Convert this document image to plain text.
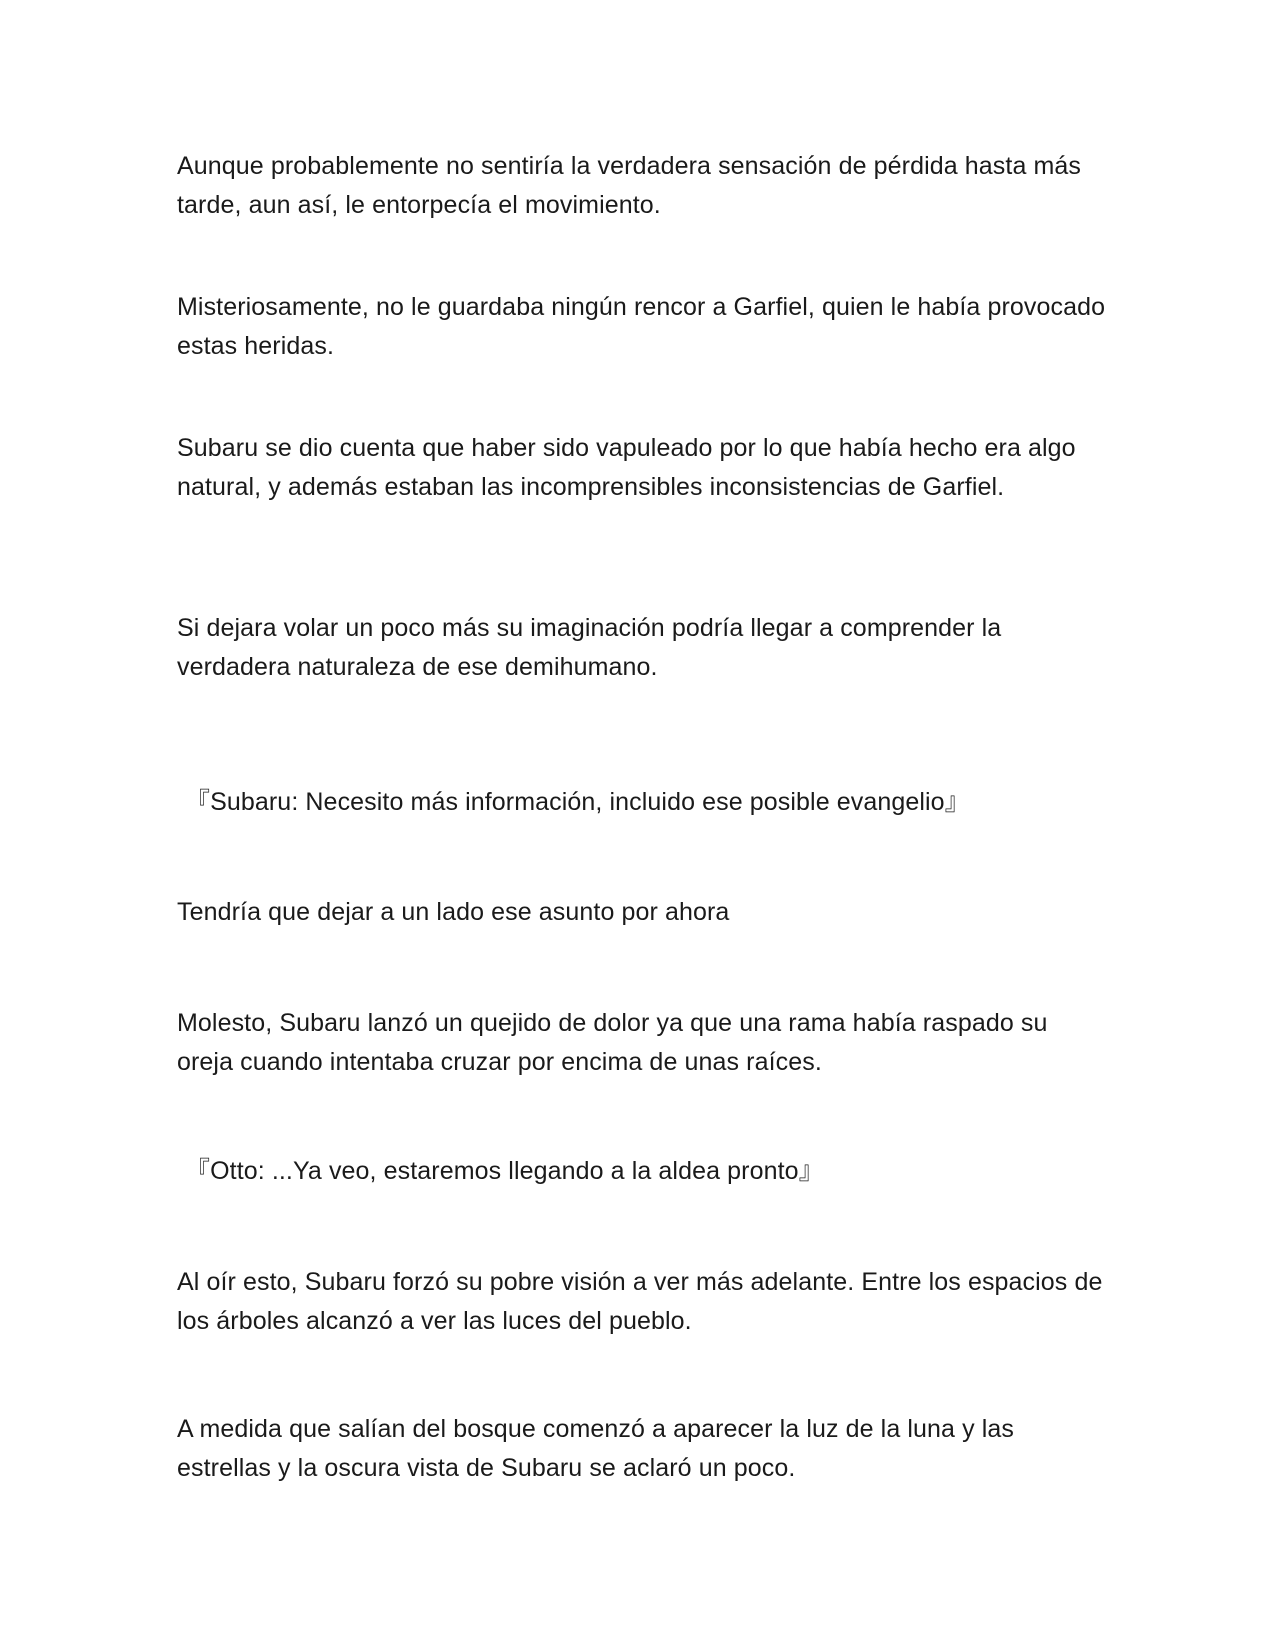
Aunque probablemente no sentiría la verdadera sensación de pérdida hasta más tarde, aun así, le entorpecía el movimiento.

Misteriosamente, no le guardaba ningún rencor a Garfiel, quien le había provocado estas heridas.

Subaru se dio cuenta que haber sido vapuleado por lo que había hecho era algo natural, y además estaban las incomprensibles inconsistencias de Garfiel.

Si dejara volar un poco más su imaginación podría llegar a comprender la verdadera naturaleza de ese demihumano.

『Subaru: Necesito más información, incluido ese posible evangelio』

Tendría que dejar a un lado ese asunto por ahora

Molesto, Subaru lanzó un quejido de dolor ya que una rama había raspado su oreja cuando intentaba cruzar por encima de unas raíces.

『Otto: ...Ya veo, estaremos llegando a la aldea pronto』

Al oír esto, Subaru forzó su pobre visión a ver más adelante. Entre los espacios de los árboles alcanzó a ver las luces del pueblo.

A medida que salían del bosque comenzó a aparecer la luz de la luna y las estrellas y la oscura vista de Subaru se aclaró un poco.
